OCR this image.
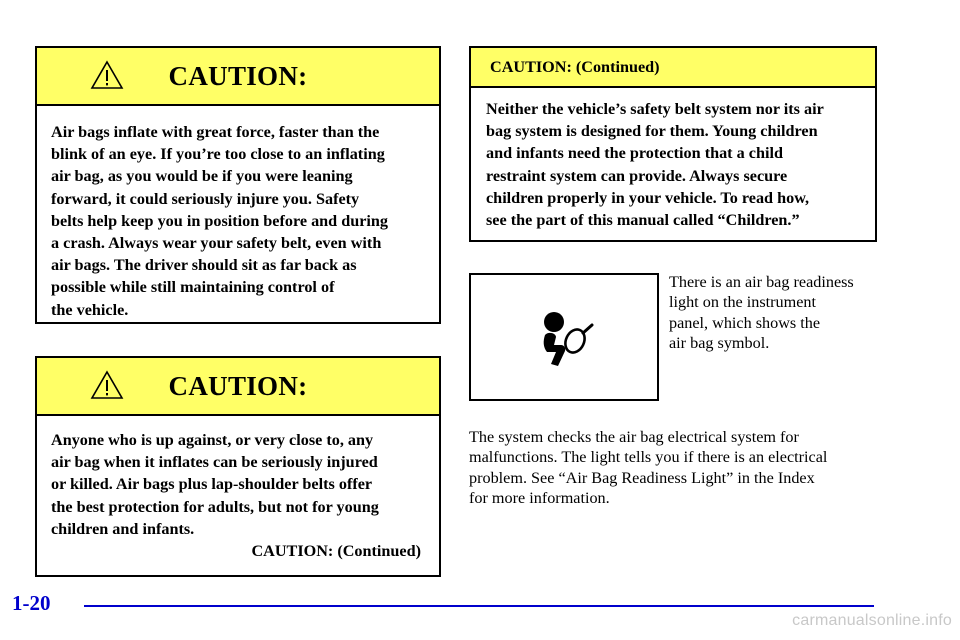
CAUTION:

Air bags inflate with great force, faster than the

blink of an eye. If you’re too close to an inflating

air bag, as you would be if you were leaning

forward, it could seriously injure you. Safety

belts help keep you in position before and during

a crash. Always wear your safety belt, even with

air bags. The driver should sit as far back as

possible while still maintaining control of

the vehicle.

CAUTION:

Anyone who is up against, or very close to, any

air bag when it inflates can be seriously injured

or killed. Air bags plus lap-shoulder belts offer

the best protection for adults, but not for young

children and infants.

CAUTION: (Continued)

CAUTION: (Continued)

Neither the vehicle’s safety belt system nor its air

bag system is designed for them. Young children

and infants need the protection that a child

restraint system can provide. Always secure

children properly in your vehicle. To read how,

see the part of this manual called “Children.”

There is an air bag readiness
light on the instrument
panel, which shows the
air bag symbol.
The system checks the air bag electrical system for
malfunctions. The light tells you if there is an electrical
problem. See “Air Bag Readiness Light” in the Index
for more information.
1-20
carmanualsonline.info
